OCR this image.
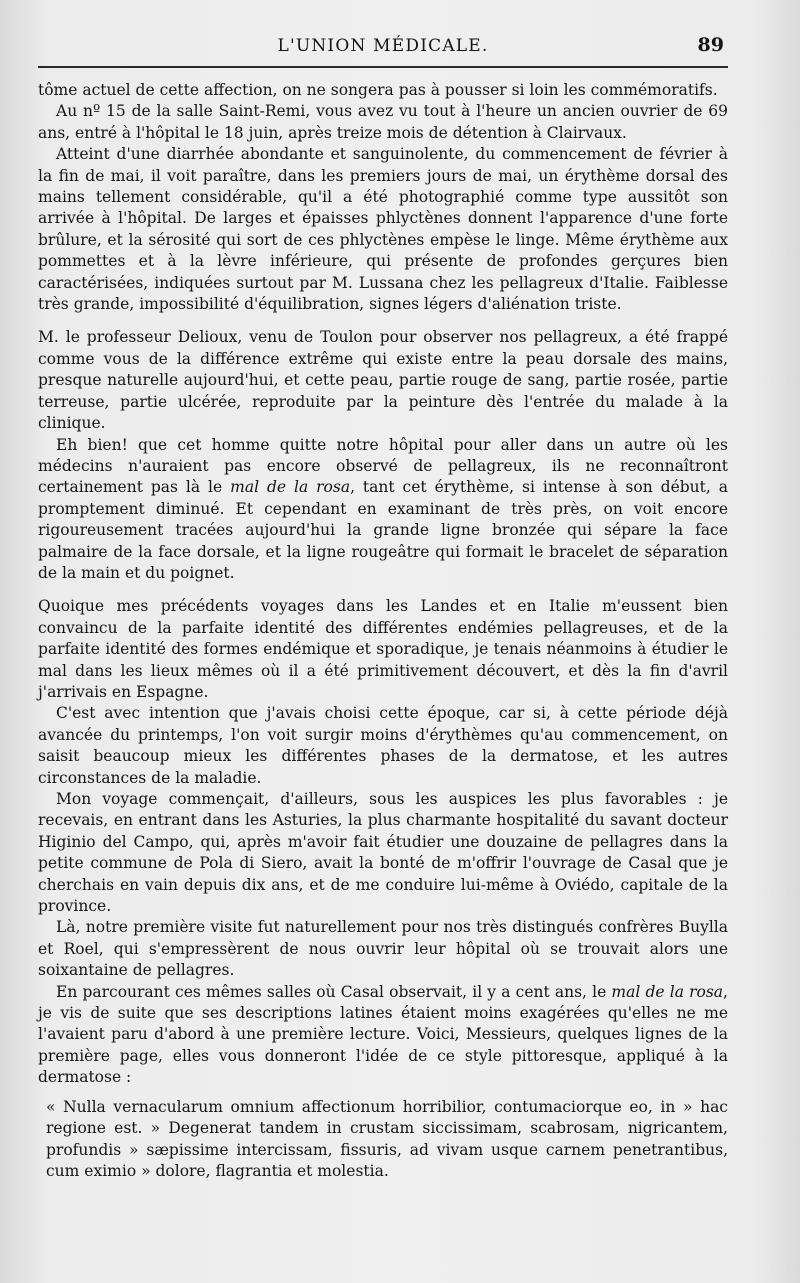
L'UNION MÉDICALE.	89

tôme actuel de cette affection, on ne songera pas à pousser si loin les commémoratifs.

Au nº 15 de la salle Saint-Remi, vous avez vu tout à l'heure un ancien ouvrier de 69 ans, entré à l'hôpital le 18 juin, après treize mois de détention à Clairvaux.

Atteint d'une diarrhée abondante et sanguinolente, du commencement de février à la fin de mai, il voit paraître, dans les premiers jours de mai, un érythème dorsal des mains tellement considérable, qu'il a été photographié comme type aussitôt son arrivée à l'hôpital. De larges et épaisses phlyctènes donnent l'apparence d'une forte brûlure, et la sérosité qui sort de ces phlyctènes empèse le linge. Même érythème aux pommettes et à la lèvre inférieure, qui présente de profondes gerçures bien caractérisées, indiquées surtout par M. Lussana chez les pellagreux d'Italie. Faiblesse très grande, impossibilité d'équilibration, signes légers d'aliénation triste.

M. le professeur Delioux, venu de Toulon pour observer nos pellagreux, a été frappé comme vous de la différence extrême qui existe entre la peau dorsale des mains, presque naturelle aujourd'hui, et cette peau, partie rouge de sang, partie rosée, partie terreuse, partie ulcérée, reproduite par la peinture dès l'entrée du malade à la clinique.

Eh bien! que cet homme quitte notre hôpital pour aller dans un autre où les médecins n'auraient pas encore observé de pellagreux, ils ne reconnaîtront certainement pas là le mal de la rosa, tant cet érythème, si intense à son début, a promptement diminué. Et cependant en examinant de très près, on voit encore rigoureusement tracées aujourd'hui la grande ligne bronzée qui sépare la face palmaire de la face dorsale, et la ligne rougeâtre qui formait le bracelet de séparation de la main et du poignet.

Quoique mes précédents voyages dans les Landes et en Italie m'eussent bien convaincu de la parfaite identité des différentes endémies pellagreuses, et de la parfaite identité des formes endémique et sporadique, je tenais néanmoins à étudier le mal dans les lieux mêmes où il a été primitivement découvert, et dès la fin d'avril j'arrivais en Espagne.

C'est avec intention que j'avais choisi cette époque, car si, à cette période déjà avancée du printemps, l'on voit surgir moins d'érythèmes qu'au commencement, on saisit beaucoup mieux les différentes phases de la dermatose, et les autres circonstances de la maladie.

Mon voyage commençait, d'ailleurs, sous les auspices les plus favorables : je recevais, en entrant dans les Asturies, la plus charmante hospitalité du savant docteur Higinio del Campo, qui, après m'avoir fait étudier une douzaine de pellagres dans la petite commune de Pola di Siero, avait la bonté de m'offrir l'ouvrage de Casal que je cherchais en vain depuis dix ans, et de me conduire lui-même à Oviédo, capitale de la province.

Là, notre première visite fut naturellement pour nos très distingués confrères Buylla et Roel, qui s'empressèrent de nous ouvrir leur hôpital où se trouvait alors une soixantaine de pellagres.

En parcourant ces mêmes salles où Casal observait, il y a cent ans, le mal de la rosa, je vis de suite que ses descriptions latines étaient moins exagérées qu'elles ne me l'avaient paru d'abord à une première lecture. Voici, Messieurs, quelques lignes de la première page, elles vous donneront l'idée de ce style pittoresque, appliqué à la dermatose :

« Nulla vernacularum omnium affectionum horribilior, contumaciorque eo, in » hac regione est. » Degenerat tandem in crustam siccissimam, scabrosam, nigricantem, profundis » sæpissime intercissam, fissuris, ad vivam usque carnem penetrantibus, cum eximio » dolore, flagrantia et molestia.
